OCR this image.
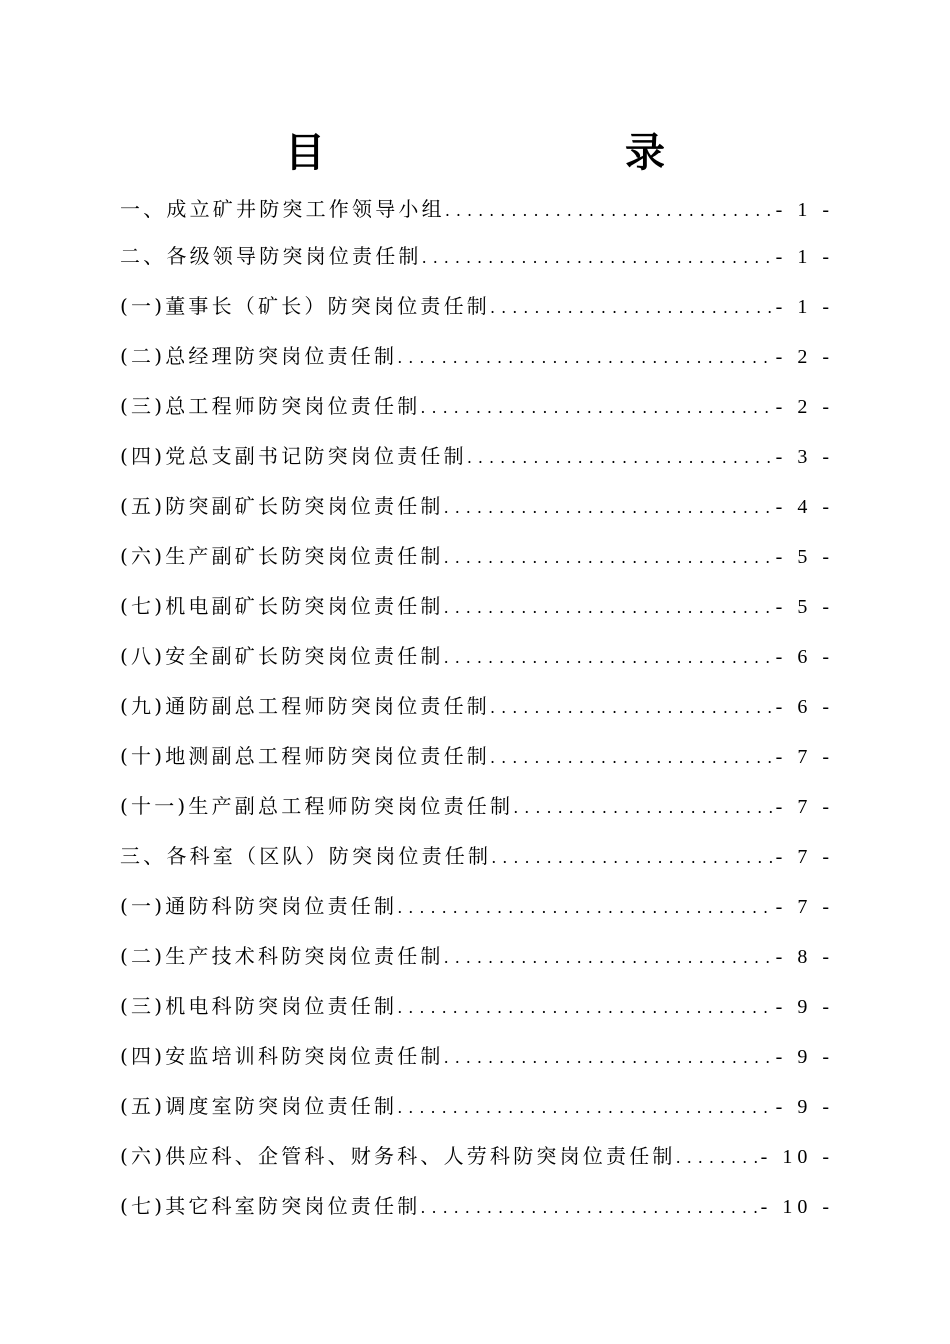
目　录
一、成立矿井防突工作领导小组 .....	- 1 -
二、各级领导防突岗位责任制 .....	- 1 -
(一)董事长（矿长）防突岗位责任制 .....	- 1 -
(二)总经理防突岗位责任制 .....	- 2 -
(三)总工程师防突岗位责任制 .....	- 2 -
(四)党总支副书记防突岗位责任制 .....	- 3 -
(五)防突副矿长防突岗位责任制 .....	- 4 -
(六)生产副矿长防突岗位责任制 .....	- 5 -
(七)机电副矿长防突岗位责任制 .....	- 5 -
(八)安全副矿长防突岗位责任制 .....	- 6 -
(九)通防副总工程师防突岗位责任制 .....	- 6 -
(十)地测副总工程师防突岗位责任制 .....	- 7 -
(十一)生产副总工程师防突岗位责任制 .....	- 7 -
三、各科室（区队）防突岗位责任制 .....	- 7 -
(一)通防科防突岗位责任制 .....	- 7 -
(二)生产技术科防突岗位责任制 .....	- 8 -
(三)机电科防突岗位责任制 .....	- 9 -
(四)安监培训科防突岗位责任制 .....	- 9 -
(五)调度室防突岗位责任制 .....	- 9 -
(六)供应科、企管科、财务科、人劳科防突岗位责任制 .....	- 10 -
(七)其它科室防突岗位责任制 .....	- 10 -
